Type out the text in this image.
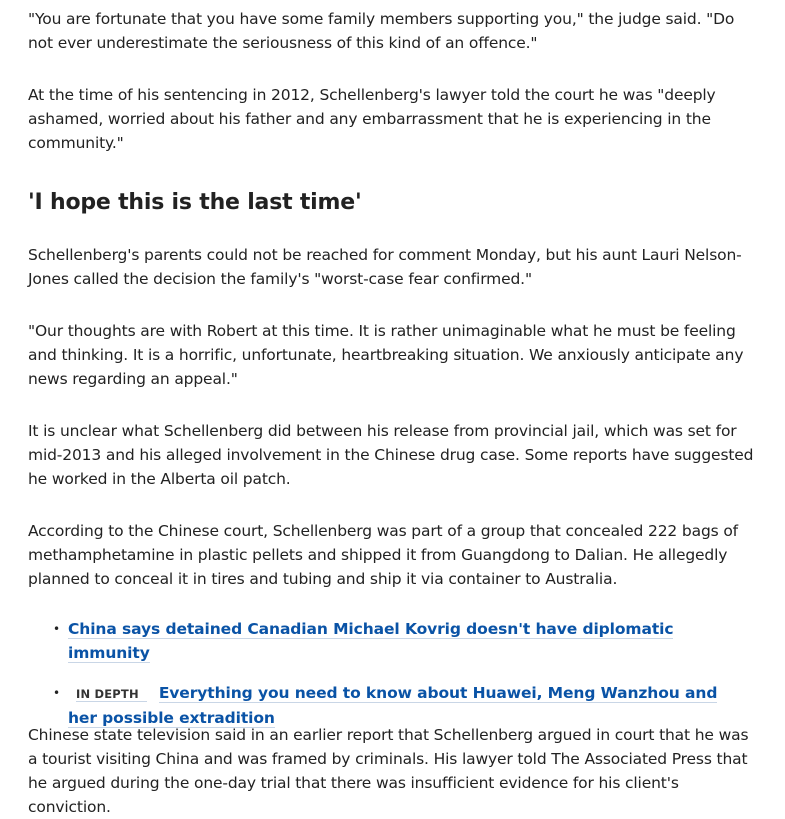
"You are fortunate that you have some family members supporting you," the judge said. "Do not ever underestimate the seriousness of this kind of an offence."

At the time of his sentencing in 2012, Schellenberg's lawyer told the court he was "deeply ashamed, worried about his father and any embarrassment that he is experiencing in the community."

'I hope this is the last time'

Schellenberg's parents could not be reached for comment Monday, but his aunt Lauri Nelson-Jones called the decision the family's "worst-case fear confirmed."

"Our thoughts are with Robert at this time. It is rather unimaginable what he must be feeling and thinking. It is a horrific, unfortunate, heartbreaking situation. We anxiously anticipate any news regarding an appeal."

It is unclear what Schellenberg did between his release from provincial jail, which was set for mid-2013 and his alleged involvement in the Chinese drug case. Some reports have suggested he worked in the Alberta oil patch.

According to the Chinese court, Schellenberg was part of a group that concealed 222 bags of methamphetamine in plastic pellets and shipped it from Guangdong to Dalian. He allegedly planned to conceal it in tires and tubing and ship it via container to Australia.

• China says detained Canadian Michael Kovrig doesn't have diplomatic immunity
• IN DEPTH Everything you need to know about Huawei, Meng Wanzhou and her possible extradition

Chinese state television said in an earlier report that Schellenberg argued in court that he was a tourist visiting China and was framed by criminals. His lawyer told The Associated Press that he argued during the one-day trial that there was insufficient evidence for his client's conviction.
